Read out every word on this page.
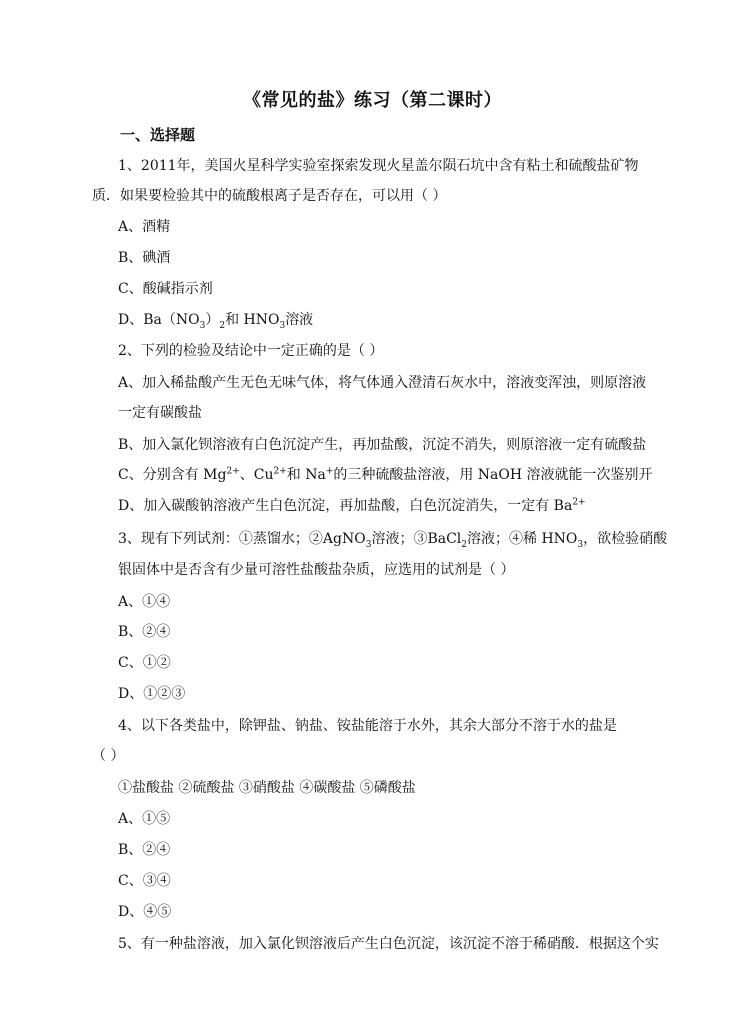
《常见的盐》练习（第二课时）
一、选择题
1、2011年，美国火星科学实验室探索发现火星盖尔陨石坑中含有粘土和硫酸盐矿物
质．如果要检验其中的硫酸根离子是否存在，可以用（ ）
A、酒精
B、碘酒
C、酸碱指示剂
D、$Ba(NO_3)_2$和 $HNO_3$溶液
2、下列的检验及结论中一定正确的是（ ）
A、加入稀盐酸产生无色无味气体，将气体通入澄清石灰水中，溶液变浑浊，则原溶液
一定有碳酸盐
B、加入氯化钡溶液有白色沉淀产生，再加盐酸，沉淀不消失，则原溶液一定有硫酸盐
C、分别含有 $Mg^{2+}$、$Cu^{2+}$和 Na+的三种硫酸盐溶液，用 NaOH 溶液就能一次鉴别开
D、加入碳酸钠溶液产生白色沉淀，再加盐酸，白色沉淀消失，一定有 $Ba^{2+}$
3、现有下列试剂：①蒸馏水；②AgNO$_3$溶液；③BaCl$_2$溶液；④稀 $HNO_3$，欲检验硝酸
银固体中是否含有少量可溶性盐酸盐杂质，应选用的试剂是（ ）
A、①④
B、②④
C、①②
D、①②③
4、以下各类盐中，除钾盐、钠盐、铵盐能溶于水外，其余大部分不溶于水的盐是
（ ）
①盐酸盐 ②硫酸盐 ③硝酸盐 ④碳酸盐 ⑤磷酸盐
A、①⑤
B、②④
C、③④
D、④⑤
5、有一种盐溶液，加入氯化钡溶液后产生白色沉淀，该沉淀不溶于稀硝酸．根据这个实
